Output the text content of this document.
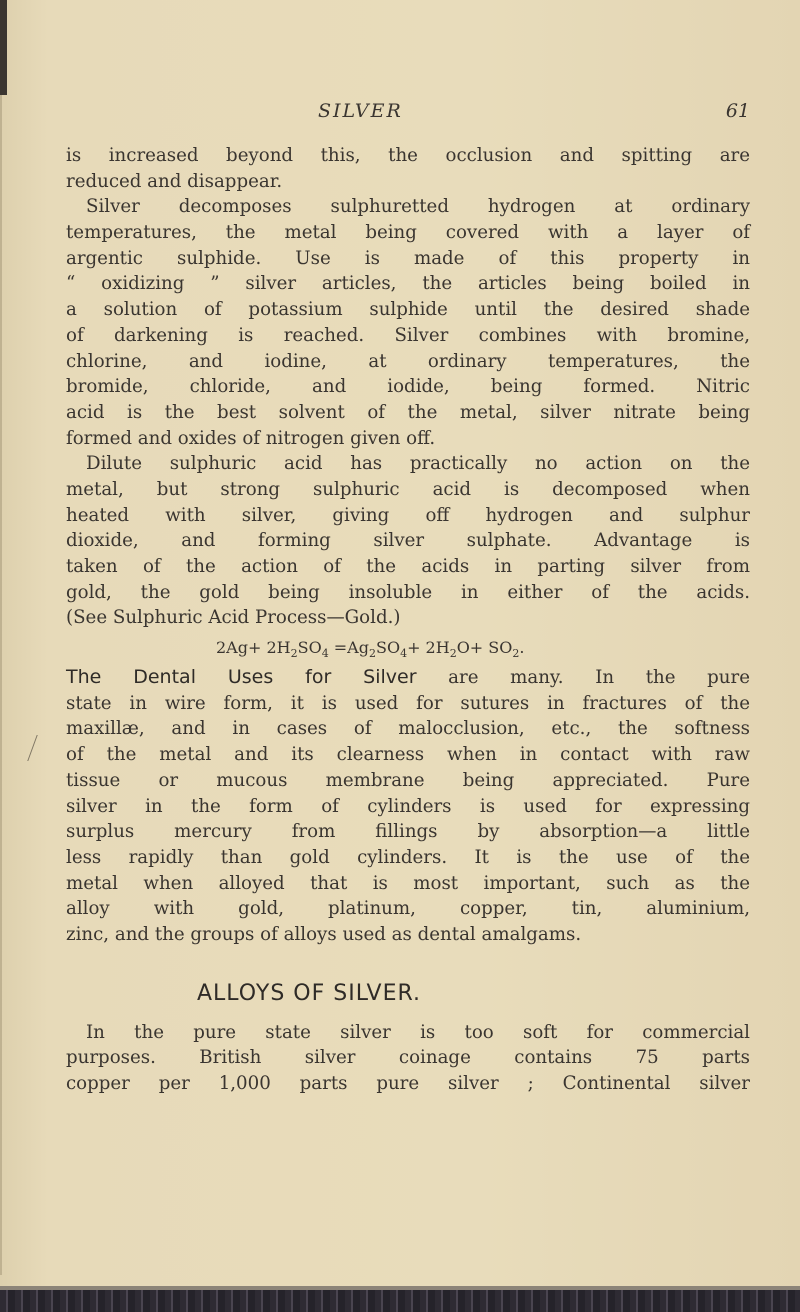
SILVER	61
is increased beyond this, the occlusion and spitting are
reduced and disappear.
Silver decomposes sulphuretted hydrogen at ordinary
temperatures, the metal being covered with a layer of
argentic sulphide. Use is made of this property in
“ oxidizing ” silver articles, the articles being boiled in
a solution of potassium sulphide until the desired shade
of darkening is reached. Silver combines with bromine,
chlorine, and iodine, at ordinary temperatures, the
bromide, chloride, and iodide, being formed. Nitric
acid is the best solvent of the metal, silver nitrate being
formed and oxides of nitrogen given off.
Dilute sulphuric acid has practically no action on the
metal, but strong sulphuric acid is decomposed when
heated with silver, giving off hydrogen and sulphur
dioxide, and forming silver sulphate. Advantage is
taken of the action of the acids in parting silver from
gold, the gold being insoluble in either of the acids.
(See Sulphuric Acid Process—Gold.)
$2Ag+ 2H_2SO_4 =Ag_2SO_4+ 2H_2O+ SO_2$.
The Dental Uses for Silver are many. In the pure
state in wire form, it is used for sutures in fractures of the
maxillæ, and in cases of malocclusion, etc., the softness
of the metal and its clearness when in contact with raw
tissue or mucous membrane being appreciated. Pure
silver in the form of cylinders is used for expressing
surplus mercury from fillings by absorption—a little
less rapidly than gold cylinders. It is the use of the
metal when alloyed that is most important, such as the
alloy with gold, platinum, copper, tin, aluminium,
zinc, and the groups of alloys used as dental amalgams.
ALLOYS OF SILVER.
In the pure state silver is too soft for commercial
purposes. British silver coinage contains 75 parts
copper per 1,000 parts pure silver ; Continental silver
